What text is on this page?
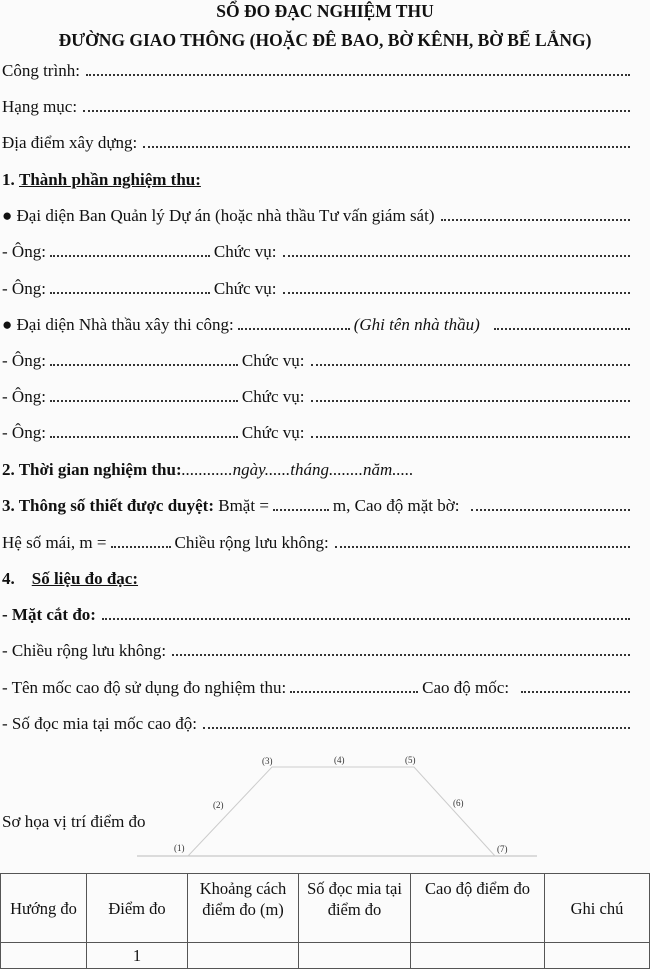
SỔ ĐO ĐẠC NGHIỆM THU
ĐƯỜNG GIAO THÔNG (HOẶC ĐÊ BAO, BỜ KÊNH, BỜ BỂ LẮNG)
Công trình:
Hạng mục:
Địa điểm xây dựng:
1.
Thành phần nghiệm thu:
● Đại diện Ban Quản lý Dự án (hoặc nhà thầu Tư vấn giám sát)
- Ông:	Chức vụ:
- Ông:	Chức vụ:
● Đại diện Nhà thầu xây thi công:	(Ghi tên nhà thầu)
- Ông:	Chức vụ:
- Ông:	Chức vụ:
- Ông:	Chức vụ:
2. Thời gian nghiệm thu: ............ngày......tháng........năm.....
3. Thông số thiết được duyệt:
Bmặt =	m, Cao độ mặt bờ:
Hệ số mái, m =	Chiều rộng lưu không:
4.
Số liệu đo đạc:
- Mặt cắt đo:
- Chiều rộng lưu không:
- Tên mốc cao độ sử dụng đo nghiệm thu:	Cao độ mốc:
- Số đọc mia tại mốc cao độ:
Sơ họa vị trí điểm đo
(1)
(2)
(3)	(4)	(5)
(6)
(7)
Hướng đo	Điểm đo	Khoảng cách điểm đo (m)	Số đọc mia tại điểm đo	Cao độ điểm đo	Ghi chú
	1				
